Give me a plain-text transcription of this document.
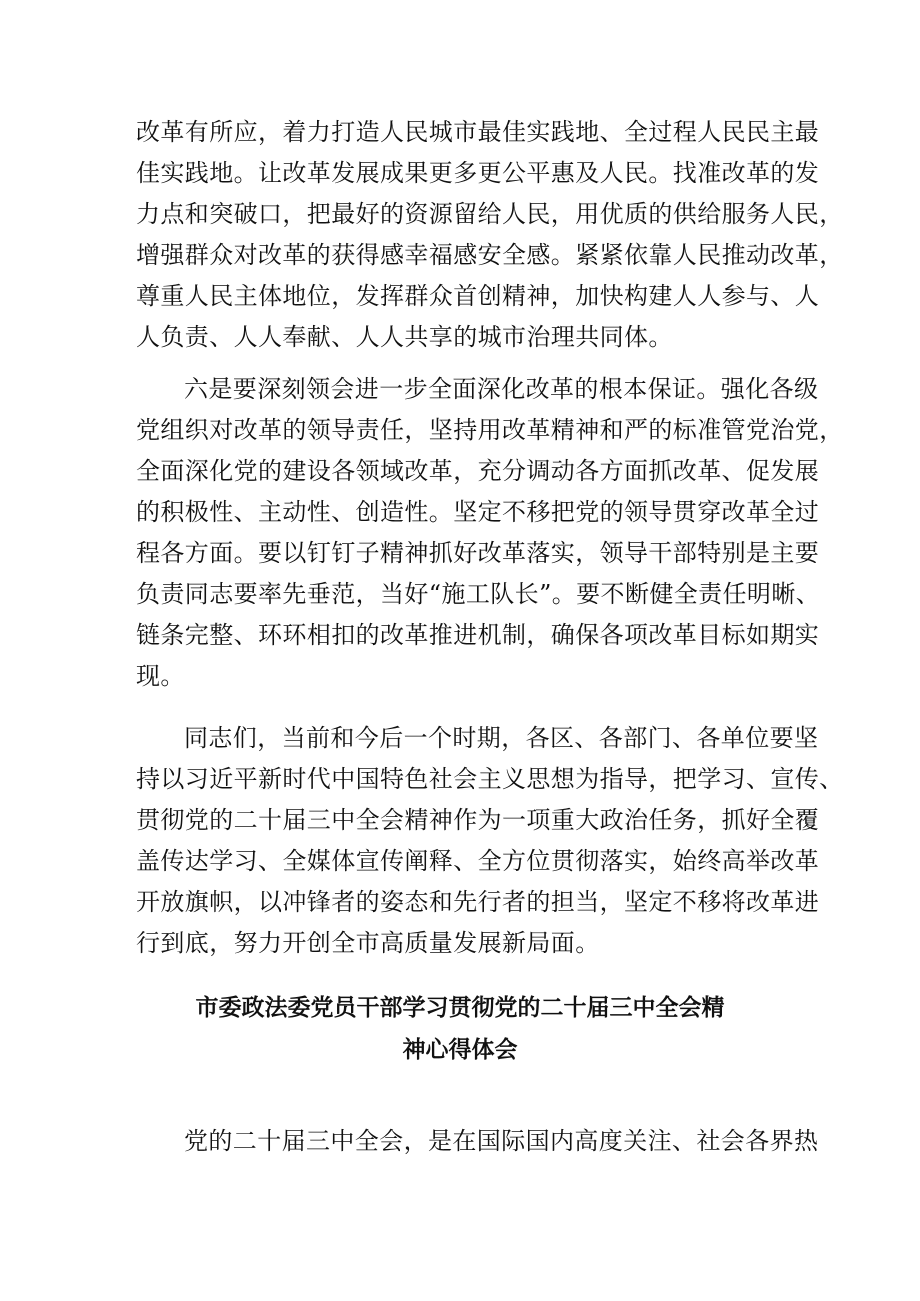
改革有所应，着力打造人民城市最佳实践地、全过程人民民主最
佳实践地。让改革发展成果更多更公平惠及人民。找准改革的发
力点和突破口，把最好的资源留给人民，用优质的供给服务人民，
增强群众对改革的获得感幸福感安全感。紧紧依靠人民推动改革，
尊重人民主体地位，发挥群众首创精神，加快构建人人参与、人
人负责、人人奉献、人人共享的城市治理共同体。
六是要深刻领会进一步全面深化改革的根本保证。强化各级
党组织对改革的领导责任，坚持用改革精神和严的标准管党治党，
全面深化党的建设各领域改革，充分调动各方面抓改革、促发展
的积极性、主动性、创造性。坚定不移把党的领导贯穿改革全过
程各方面。要以钉钉子精神抓好改革落实，领导干部特别是主要
负责同志要率先垂范，当好“施工队长”。要不断健全责任明晰、
链条完整、环环相扣的改革推进机制，确保各项改革目标如期实
现。
同志们，当前和今后一个时期，各区、各部门、各单位要坚
持以习近平新时代中国特色社会主义思想为指导，把学习、宣传、
贯彻党的二十届三中全会精神作为一项重大政治任务，抓好全覆
盖传达学习、全媒体宣传阐释、全方位贯彻落实，始终高举改革
开放旗帜，以冲锋者的姿态和先行者的担当，坚定不移将改革进
行到底，努力开创全市高质量发展新局面。
市委政法委党员干部学习贯彻党的二十届三中全会精
神心得体会
党的二十届三中全会，是在国际国内高度关注、社会各界热
